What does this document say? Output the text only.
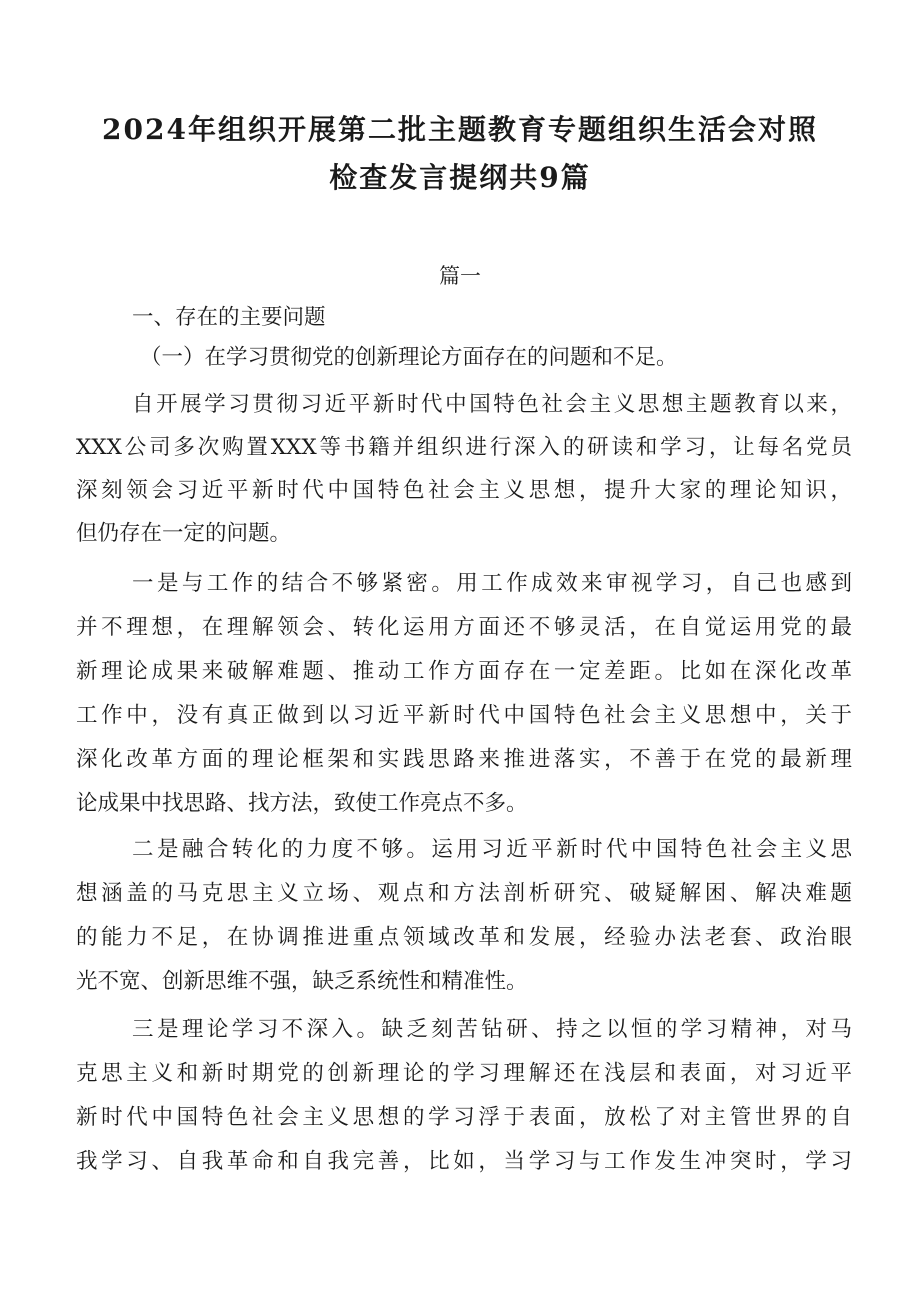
2024年组织开展第二批主题教育专题组织生活会对照
检查发言提纲共9篇
篇一
一、存在的主要问题
（一）在学习贯彻党的创新理论方面存在的问题和不足。
自开展学习贯彻习近平新时代中国特色社会主义思想主题教育以来，
XXX公司多次购置XXX等书籍并组织进行深入的研读和学习，让每名党员
深刻领会习近平新时代中国特色社会主义思想，提升大家的理论知识，
但仍存在一定的问题。
一是与工作的结合不够紧密。用工作成效来审视学习，自己也感到
并不理想，在理解领会、转化运用方面还不够灵活，在自觉运用党的最
新理论成果来破解难题、推动工作方面存在一定差距。比如在深化改革
工作中，没有真正做到以习近平新时代中国特色社会主义思想中，关于
深化改革方面的理论框架和实践思路来推进落实，不善于在党的最新理
论成果中找思路、找方法，致使工作亮点不多。
二是融合转化的力度不够。运用习近平新时代中国特色社会主义思
想涵盖的马克思主义立场、观点和方法剖析研究、破疑解困、解决难题
的能力不足，在协调推进重点领域改革和发展，经验办法老套、政治眼
光不宽、创新思维不强，缺乏系统性和精准性。
三是理论学习不深入。缺乏刻苦钻研、持之以恒的学习精神，对马
克思主义和新时期党的创新理论的学习理解还在浅层和表面，对习近平
新时代中国特色社会主义思想的学习浮于表面，放松了对主管世界的自
我学习、自我革命和自我完善，比如，当学习与工作发生冲突时，学习
